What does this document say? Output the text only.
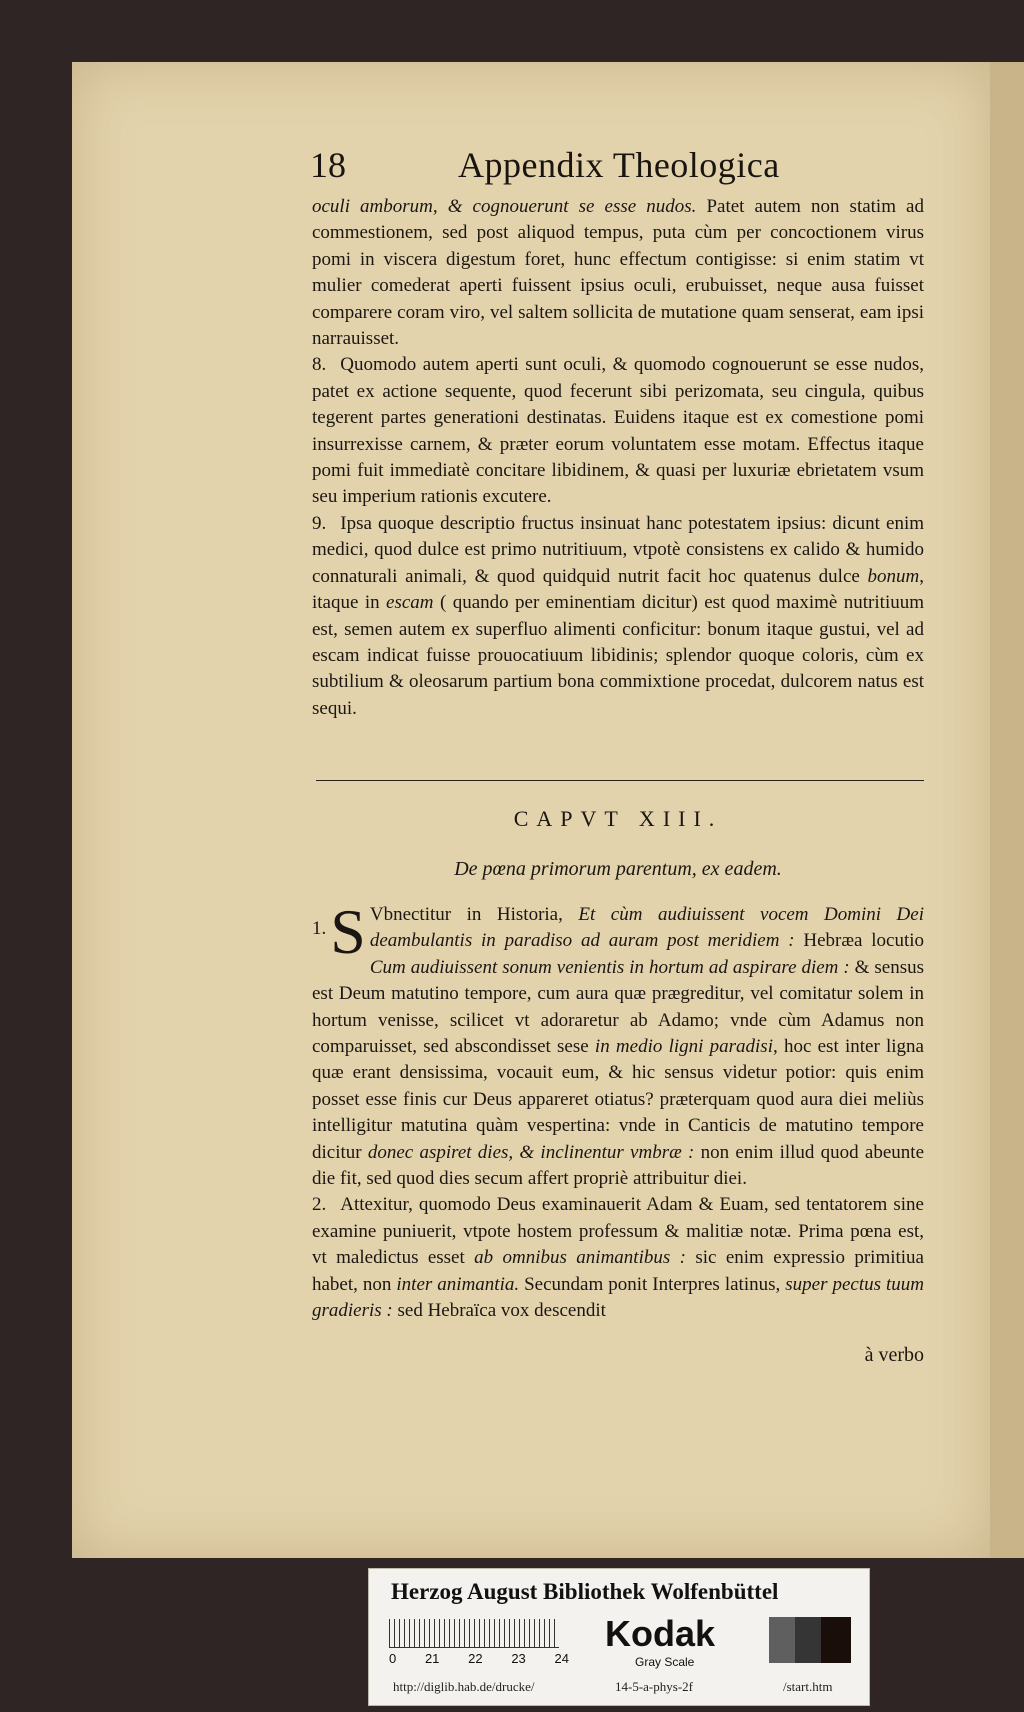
18	Appendix Theologica

oculi amborum, & cognouerunt se esse nudos. Patet autem non statim ad commestionem, sed post aliquod tempus, puta cùm per concoctionem virus pomi in viscera digestum foret, hunc effectum contigisse: si enim statim vt mulier comederat aperti fuissent ipsius oculi, erubuisset, neque ausa fuisset comparere coram viro, vel saltem sollicita de mutatione quam senserat, eam ipsi narrauisset.

8. Quomodo autem aperti sunt oculi, & quomodo cognouerunt se esse nudos, patet ex actione sequente, quod fecerunt sibi perizomata, seu cingula, quibus tegerent partes generationi destinatas. Euidens itaque est ex comestione pomi insurrexisse carnem, & præter eorum voluntatem esse motam. Effectus itaque pomi fuit immediatè concitare libidinem, & quasi per luxuriæ ebrietatem vsum seu imperium rationis excutere.

9. Ipsa quoque descriptio fructus insinuat hanc potestatem ipsius: dicunt enim medici, quod dulce est primo nutritiuum, vtpotè consistens ex calido & humido connaturali animali, & quod quidquid nutrit facit hoc quatenus dulce bonum, itaque in escam ( quando per eminentiam dicitur) est quod maximè nutritiuum est, semen autem ex superfluo alimenti conficitur: bonum itaque gustui, vel ad escam indicat fuisse prouocatiuum libidinis; splendor quoque coloris, cùm ex subtilium & oleosarum partium bona commixtione procedat, dulcorem natus est sequi.

CAPVT XIII.
De pœna primorum parentum, ex eadem.

1. S Vbnectitur in Historia, Et cùm audiuissent vocem Domini Dei deambulantis in paradiso ad auram post meridiem : Hebræa locutio Cum audiuissent sonum venientis in hortum ad aspirare diem : & sensus est Deum matutino tempore, cum aura quæ prægreditur, vel comitatur solem in hortum venisse, scilicet vt adoraretur ab Adamo; vnde cùm Adamus non comparuisset, sed abscondisset sese in medio ligni paradisi, hoc est inter ligna quæ erant densissima, vocauit eum, & hic sensus videtur potior: quis enim posset esse finis cur Deus appareret otiatus? præterquam quod aura diei meliùs intelligitur matutina quàm vespertina: vnde in Canticis de matutino tempore dicitur donec aspiret dies, & inclinentur vmbræ : non enim illud quod abeunte die fit, sed quod dies secum affert propriè attribuitur diei.

2. Attexitur, quomodo Deus examinauerit Adam & Euam, sed tentatorem sine examine puniuerit, vtpote hostem professum & malitiæ notæ. Prima pœna est, vt maledictus esset ab omnibus animantibus : sic enim expressio primitiua habet, non inter animantia. Secundam ponit Interpres latinus, super pectus tuum gradieris : sed Hebraïca vox descendit

à verbo
Herzog August Bibliothek Wolfenbüttel
0 21 22 23 24
Kodak
Gray Scale
http://diglib.hab.de/drucke/	14-5-a-phys-2f	/start.htm
